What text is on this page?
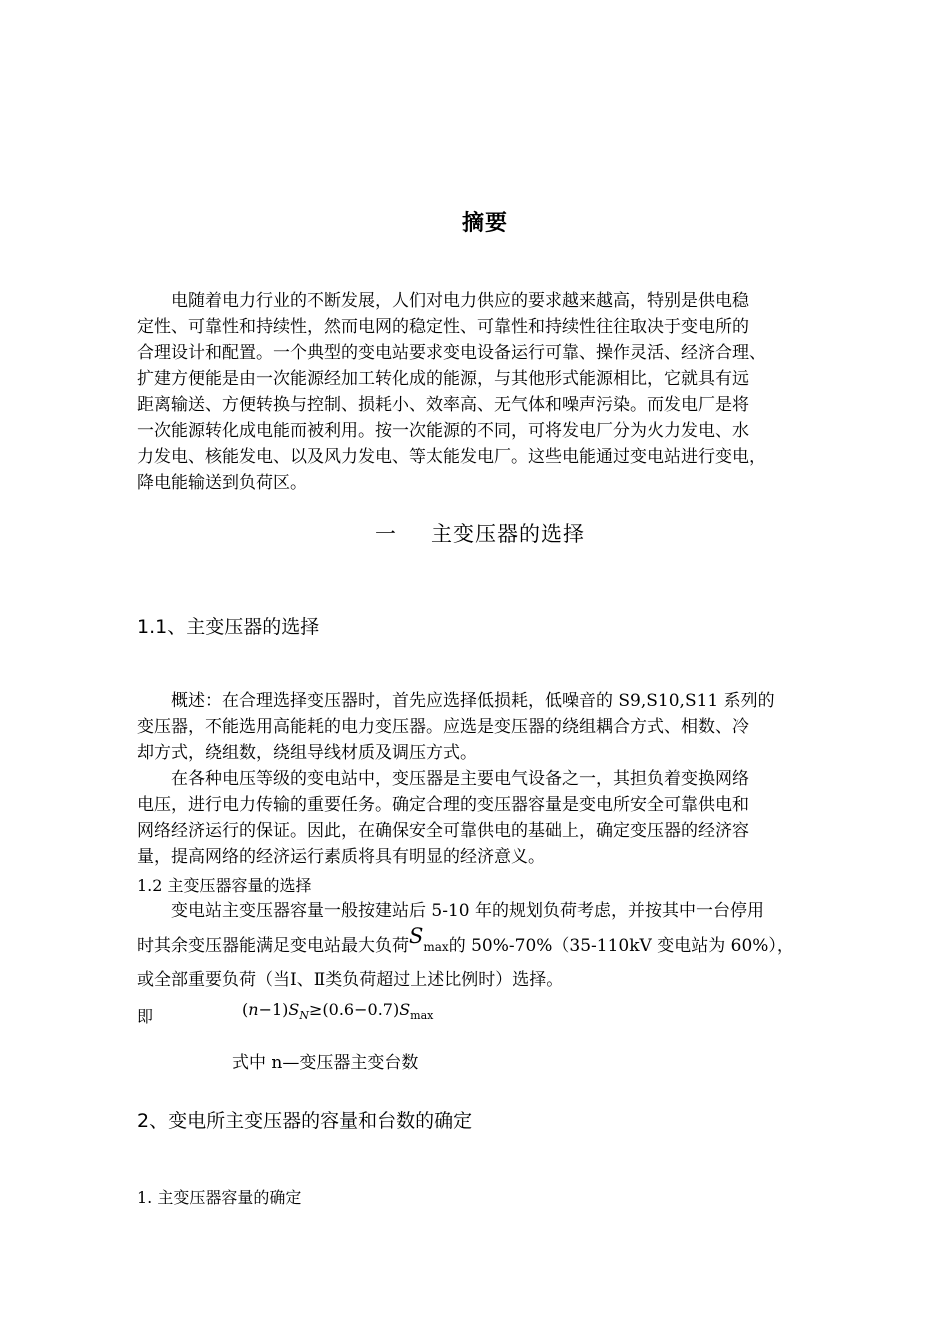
摘要

电随着电力行业的不断发展，人们对电力供应的要求越来越高，特别是供电稳
定性、可靠性和持续性，然而电网的稳定性、可靠性和持续性往往取决于变电所的
合理设计和配置。一个典型的变电站要求变电设备运行可靠、操作灵活、经济合理、
扩建方便能是由一次能源经加工转化成的能源，与其他形式能源相比，它就具有远
距离输送、方便转换与控制、损耗小、效率高、无气体和噪声污染。而发电厂是将
一次能源转化成电能而被利用。按一次能源的不同，可将发电厂分为火力发电、水
力发电、核能发电、以及风力发电、等太能发电厂。这些电能通过变电站进行变电，
降电能输送到负荷区。

一 主变压器的选择
1.1、主变压器的选择

概述：在合理选择变压器时，首先应选择低损耗，低噪音的 S9,S10,S11 系列的
变压器，不能选用高能耗的电力变压器。应选是变压器的绕组耦合方式、相数、冷
却方式，绕组数，绕组导线材质及调压方式。

在各种电压等级的变电站中，变压器是主要电气设备之一，其担负着变换网络
电压，进行电力传输的重要任务。确定合理的变压器容量是变电所安全可靠供电和
网络经济运行的保证。因此，在确保安全可靠供电的基础上，确定变压器的经济容
量，提高网络的经济运行素质将具有明显的经济意义。

1.2 主变压器容量的选择

变电站主变压器容量一般按建站后 5-10 年的规划负荷考虑，并按其中一台停用
时其余变压器能满足变电站最大负荷Smax的 50%-70%（35-110kV 变电站为 60%），
或全部重要负荷（当Ⅰ、Ⅱ类负荷超过上述比例时）选择。

即	$(n-1)S_N\ge(0.6-0.7)S_{max}$
式中 n—变压器主变台数
2、变电所主变压器的容量和台数的确定
1. 主变压器容量的确定
